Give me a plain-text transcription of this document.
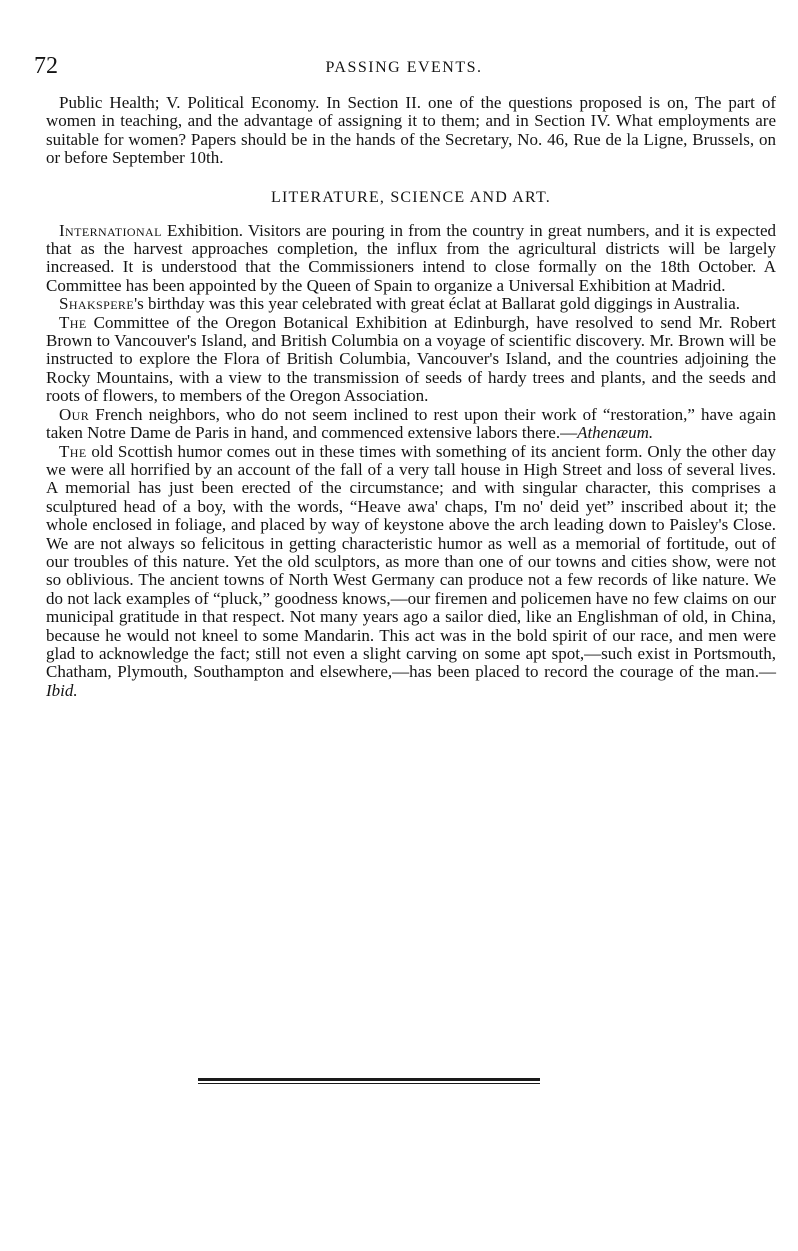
72	PASSING EVENTS.

Public Health; V. Political Economy. In Section II. one of the questions proposed is on, The part of women in teaching, and the advantage of assigning it to them; and in Section IV. What employments are suitable for women? Papers should be in the hands of the Secretary, No. 46, Rue de la Ligne, Brussels, on or before September 10th.

LITERATURE, SCIENCE AND ART.

International Exhibition. Visitors are pouring in from the country in great numbers, and it is expected that as the harvest approaches completion, the influx from the agricultural districts will be largely increased. It is understood that the Commissioners intend to close formally on the 18th October. A Committee has been appointed by the Queen of Spain to organize a Universal Exhibition at Madrid.

Shakspere's birthday was this year celebrated with great éclat at Ballarat gold diggings in Australia.

The Committee of the Oregon Botanical Exhibition at Edinburgh, have resolved to send Mr. Robert Brown to Vancouver's Island, and British Columbia on a voyage of scientific discovery. Mr. Brown will be instructed to explore the Flora of British Columbia, Vancouver's Island, and the countries adjoining the Rocky Mountains, with a view to the transmission of seeds of hardy trees and plants, and the seeds and roots of flowers, to members of the Oregon Association.

Our French neighbors, who do not seem inclined to rest upon their work of “restoration,” have again taken Notre Dame de Paris in hand, and commenced extensive labors there.—Athenæum.

The old Scottish humor comes out in these times with something of its ancient form. Only the other day we were all horrified by an account of the fall of a very tall house in High Street and loss of several lives. A memorial has just been erected of the circumstance; and with singular character, this comprises a sculptured head of a boy, with the words, “Heave awa' chaps, I'm no' deid yet” inscribed about it; the whole enclosed in foliage, and placed by way of keystone above the arch leading down to Paisley's Close. We are not always so felicitous in getting characteristic humor as well as a memorial of fortitude, out of our troubles of this nature. Yet the old sculptors, as more than one of our towns and cities show, were not so oblivious. The ancient towns of North West Germany can produce not a few records of like nature. We do not lack examples of “pluck,” goodness knows,—our firemen and policemen have no few claims on our municipal gratitude in that respect. Not many years ago a sailor died, like an Englishman of old, in China, because he would not kneel to some Mandarin. This act was in the bold spirit of our race, and men were glad to acknowledge the fact; still not even a slight carving on some apt spot,—such exist in Portsmouth, Chatham, Plymouth, Southampton and elsewhere,—has been placed to record the courage of the man.—Ibid.
